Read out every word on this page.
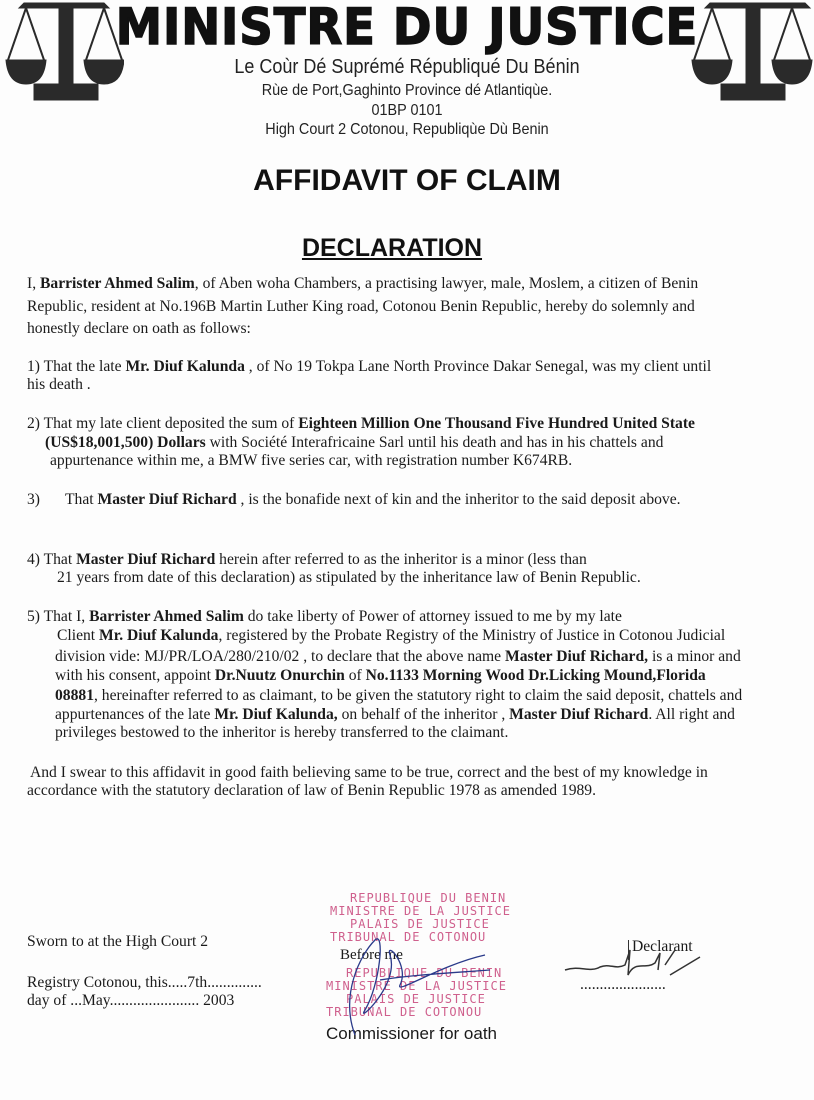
MINISTRE DU JUSTICE
Le Coùr Dé Suprémé Républiqué Du Bénin
Rùe de Port,Gaghinto Province dé Atlantiqùe.
01BP 0101
High Court 2 Cotonou, Republiqùe Dù Benin
AFFIDAVIT OF CLAIM
DECLARATION
I, Barrister Ahmed Salim, of Aben woha Chambers, a practising lawyer, male, Moslem, a citizen of Benin
Republic, resident at No.196B Martin Luther King road, Cotonou Benin Republic, hereby do solemnly and
honestly declare on oath as follows:
1) That the late Mr. Diuf Kalunda , of No 19 Tokpa Lane North Province Dakar Senegal, was my client until
his death .
2) That my late client deposited the sum of Eighteen Million One Thousand Five Hundred United State
(US$18,001,500) Dollars with Société Interafricaine Sarl until his death and has in his chattels and
appurtenance within me, a BMW five series car, with registration number K674RB.
That Master Diuf Richard , is the bonafide next of kin and the inheritor to the said deposit above.
4) That Master Diuf Richard herein after referred to as the inheritor is a minor (less than
21 years from date of this declaration) as stipulated by the inheritance law of Benin Republic.
5) That I, Barrister Ahmed Salim do take liberty of Power of attorney issued to me by my late
Client Mr. Diuf Kalunda, registered by the Probate Registry of the Ministry of Justice in Cotonou Judicial
division vide: MJ/PR/LOA/280/210/02 , to declare that the above name Master Diuf Richard, is a minor and
with his consent, appoint Dr.Nuutz Onurchin of No.1133 Morning Wood Dr.Licking Mound,Florida
08881, hereinafter referred to as claimant, to be given the statutory right to claim the said deposit, chattels and
appurtenances of the late Mr. Diuf Kalunda, on behalf of the inheritor , Master Diuf Richard. All right and
privileges bestowed to the inheritor is hereby transferred to the claimant.
And I swear to this affidavit in good faith believing same to be true, correct and the best of my knowledge in
accordance with the statutory declaration of law of Benin Republic 1978 as amended 1989.
3)
Sworn to at the High Court 2
Registry Cotonou, this.....7th..............
day of ...May....................... 2003
REPUBLIQUE DU BENIN
MINISTRE DE LA JUSTICE
PALAIS DE JUSTICE
TRIBUNAL DE COTONOU
Before me
REPUBLIQUE DU BENIN
MINISTRE DE LA JUSTICE
PALAIS DE JUSTICE
TRIBUNAL DE COTONOU
Commissioner for oath
Declarant
......................
